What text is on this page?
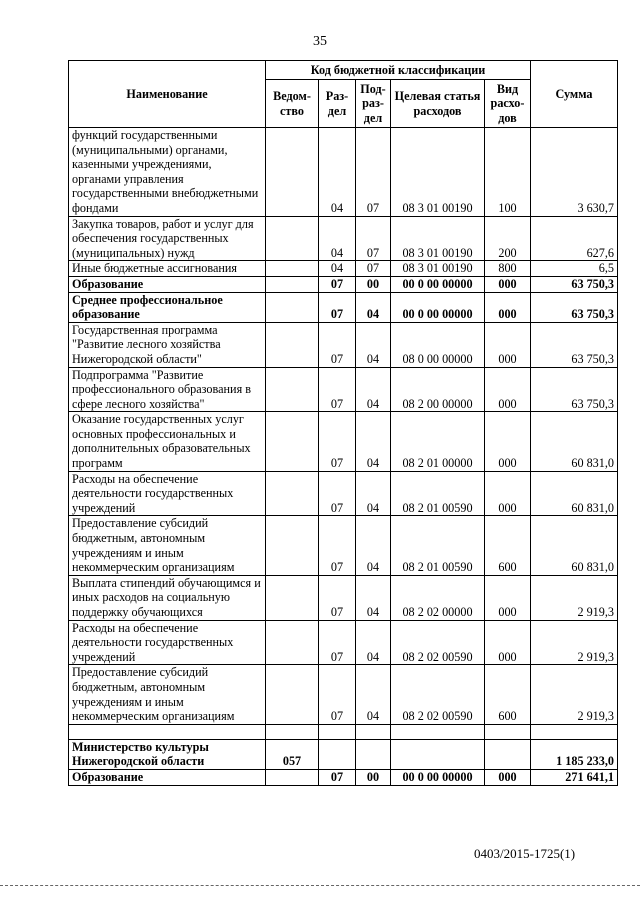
35
Наименование	Код бюджетной классификации					Сумма
	Ведом-ство	Раз-дел	Под-раз-дел	Целевая статья расходов	Вид расхо-дов	
функций государственными (муниципальными) органами, казенными учреждениями, органами управления государственными внебюджетными фондами		04	07	08 3 01 00190	100	3 630,7
Закупка товаров, работ и услуг для обеспечения государственных (муниципальных) нужд		04	07	08 3 01 00190	200	627,6
Иные бюджетные ассигнования		04	07	08 3 01 00190	800	6,5
Образование		07	00	00 0 00 00000	000	63 750,3
Среднее профессиональное образование		07	04	00 0 00 00000	000	63 750,3
Государственная программа "Развитие лесного хозяйства Нижегородской области"		07	04	08 0 00 00000	000	63 750,3
Подпрограмма "Развитие профессионального образования в сфере лесного хозяйства"		07	04	08 2 00 00000	000	63 750,3
Оказание государственных услуг основных профессиональных и дополнительных образовательных программ		07	04	08 2 01 00000	000	60 831,0
Расходы на обеспечение деятельности государственных учреждений		07	04	08 2 01 00590	000	60 831,0
Предоставление субсидий бюджетным, автономным учреждениям и иным некоммерческим организациям		07	04	08 2 01 00590	600	60 831,0
Выплата стипендий обучающимся и иных расходов на социальную поддержку обучающихся		07	04	08 2 02 00000	000	2 919,3
Расходы на обеспечение деятельности государственных учреждений		07	04	08 2 02 00590	000	2 919,3
Предоставление субсидий бюджетным, автономным учреждениям и иным некоммерческим организациям		07	04	08 2 02 00590	600	2 919,3

Министерство культуры Нижегородской области	057					1 185 233,0
Образование		07	00	00 0 00 00000	000	271 641,1
0403/2015-1725(1)
